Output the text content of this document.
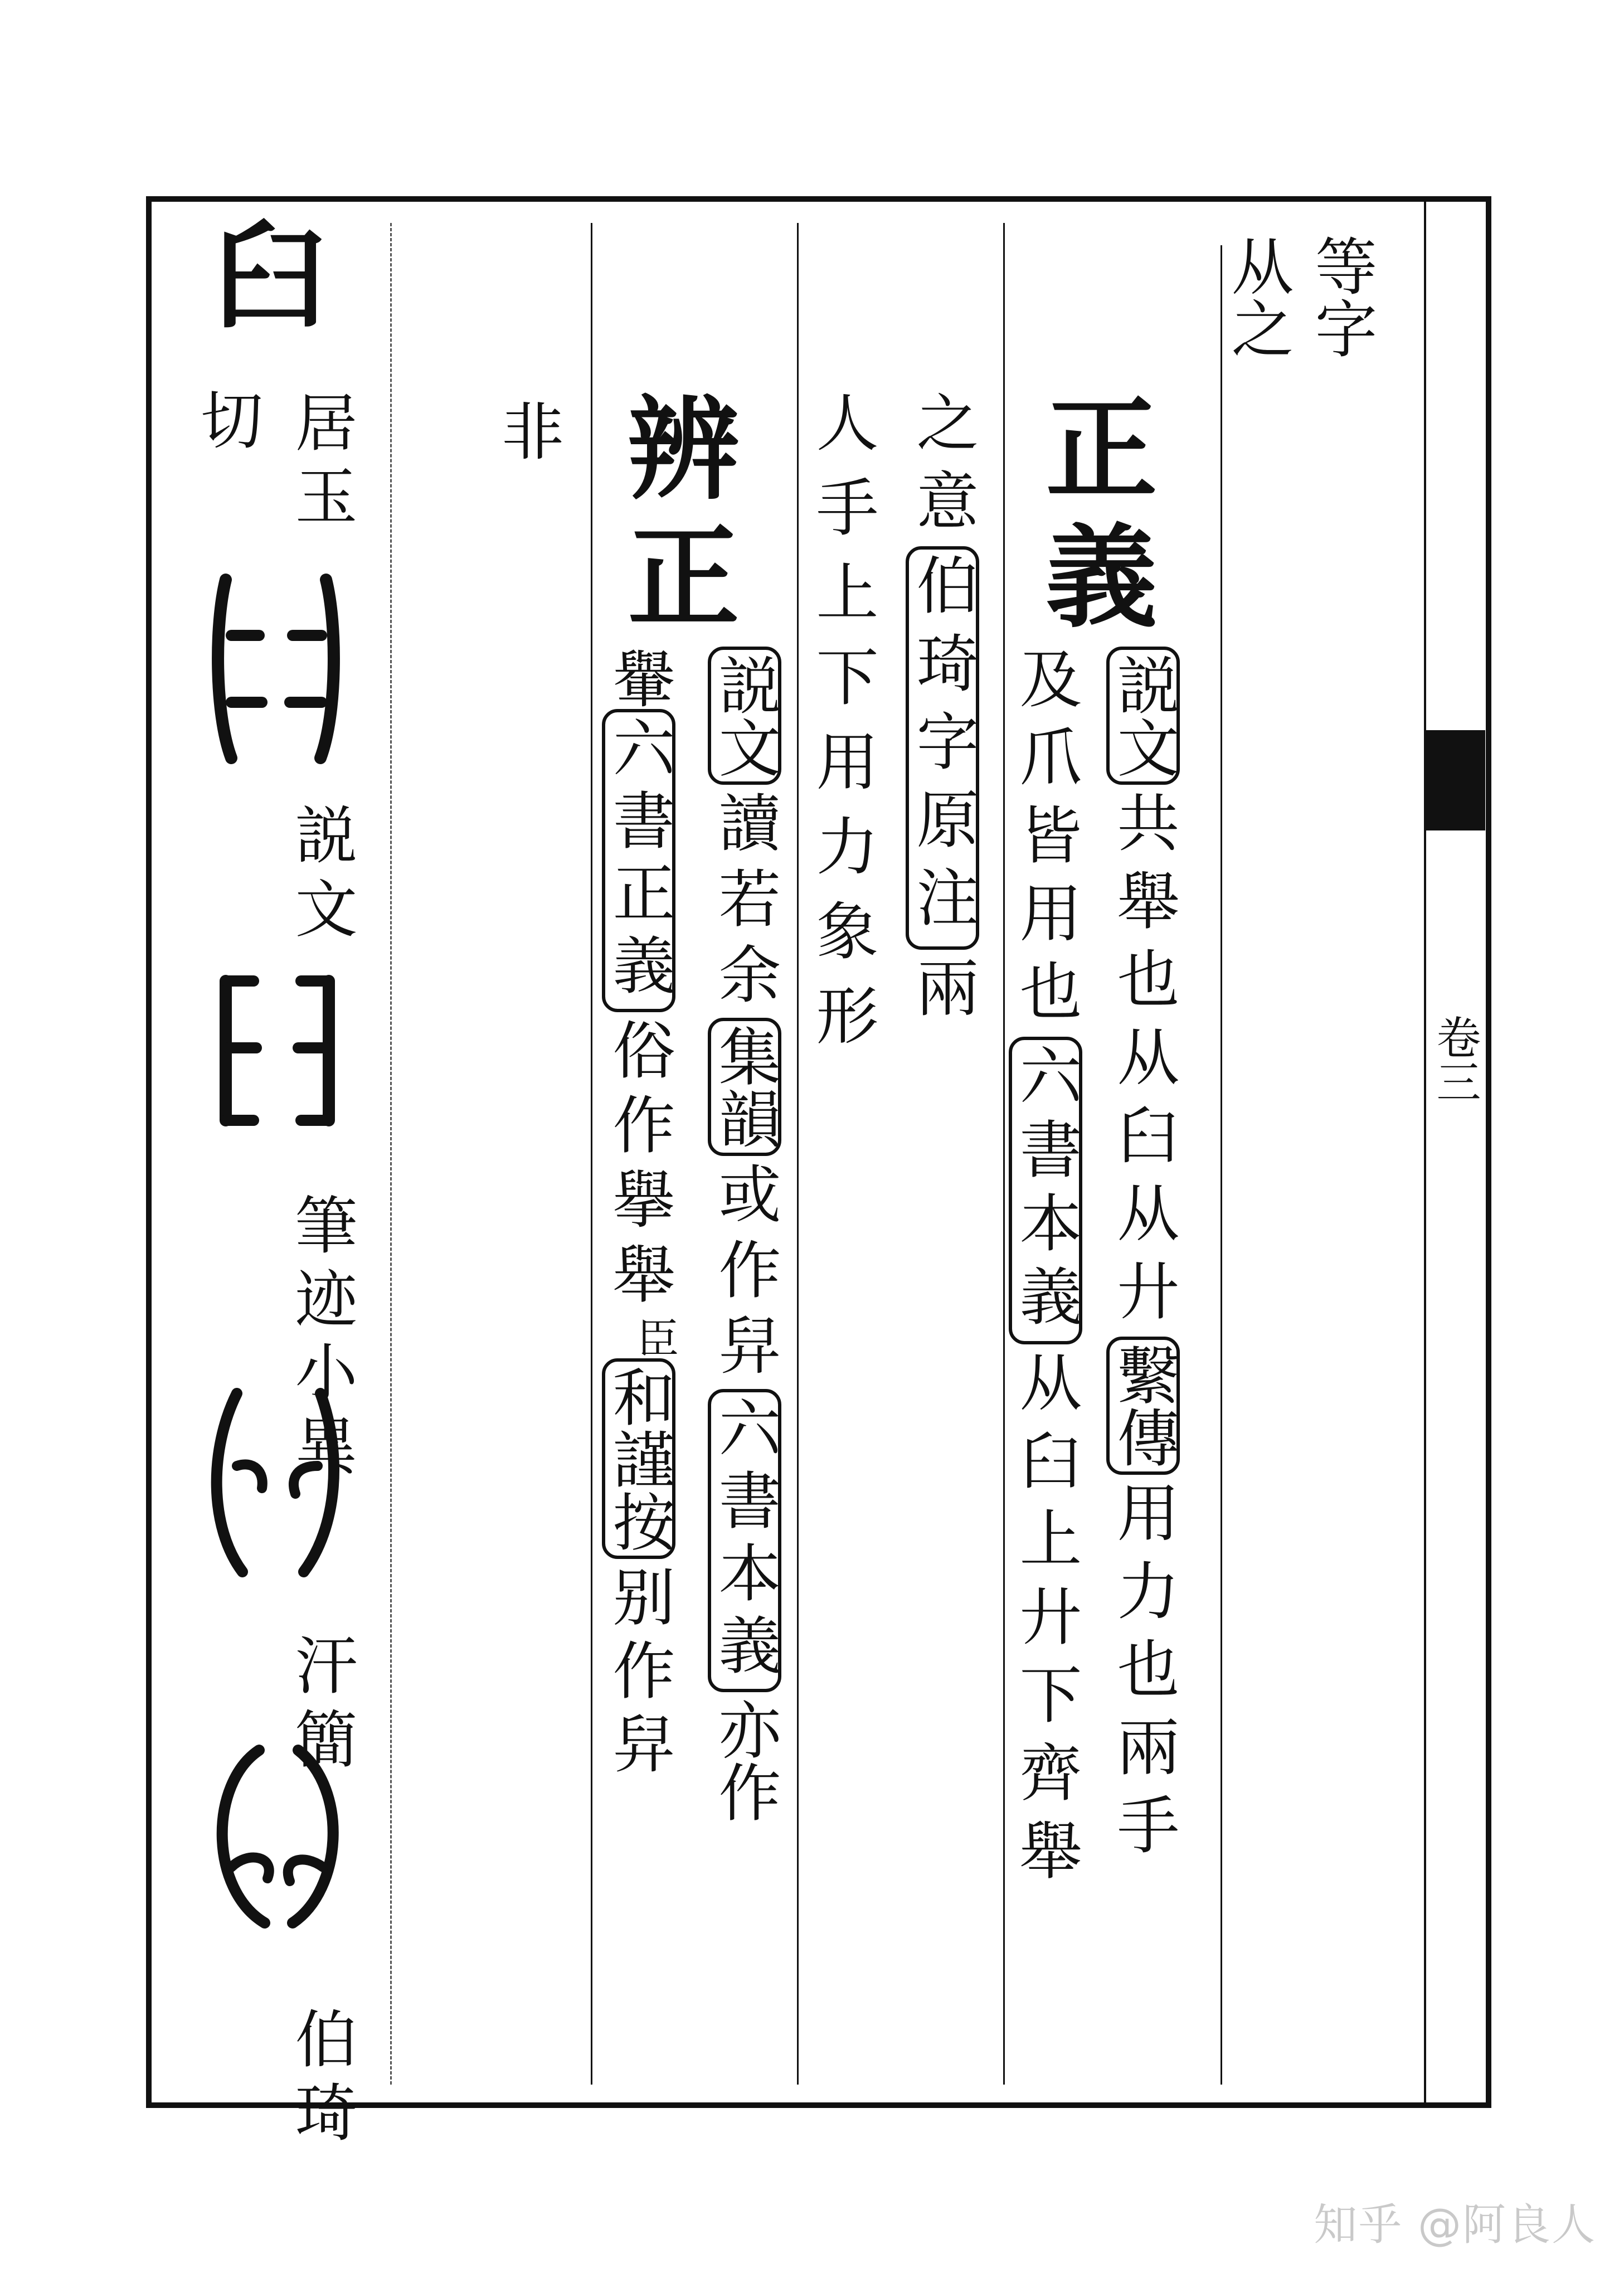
卷三
等字
从之
正義
説文
共舉也从臼从廾
繫傳
用力也兩手
及爪皆用也
六書本義
从臼上廾下齊舉
之意
伯琦字原注
兩
人手上下用力象形
辨正
説文
讀若余
集韻
或作舁
六書本義
亦作
轝
六書正義
俗作擧舉
臣
和謹按
别作舁
非
臼
居玉
切
説文
筆迹小異
汗簡
伯琦
知乎 @阿良人
